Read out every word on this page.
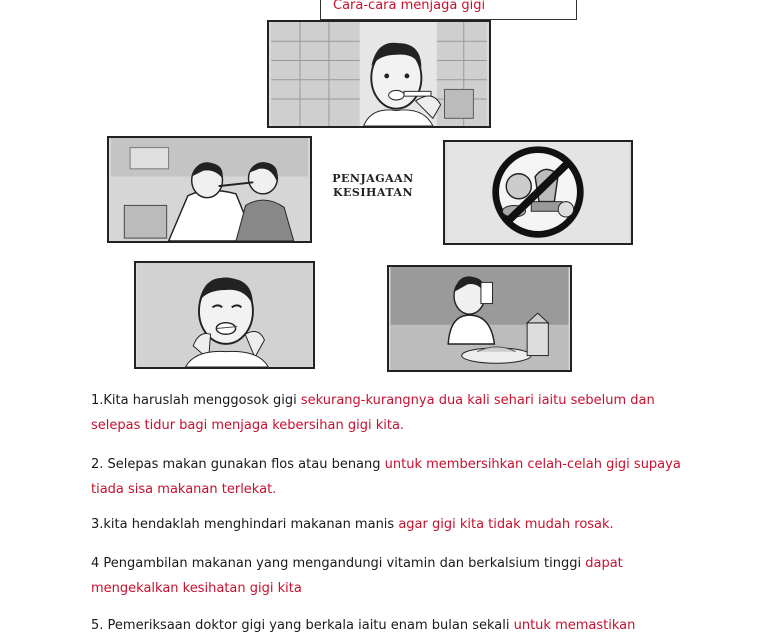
Cara-cara menjaga gigi
PENJAGAAN
KESIHATAN
1.Kita haruslah menggosok gigi sekurang-kurangnya dua kali sehari iaitu sebelum dan selepas tidur bagi menjaga kebersihan gigi kita.
2. Selepas makan gunakan flos atau benang untuk membersihkan celah-celah gigi supaya tiada sisa makanan terlekat.
3.kita hendaklah menghindari makanan manis agar gigi kita tidak mudah rosak.
4 Pengambilan makanan yang mengandungi vitamin dan berkalsium tinggi dapat mengekalkan kesihatan gigi kita
5. Pemeriksaan doktor gigi yang berkala iaitu enam bulan sekali untuk memastikan
